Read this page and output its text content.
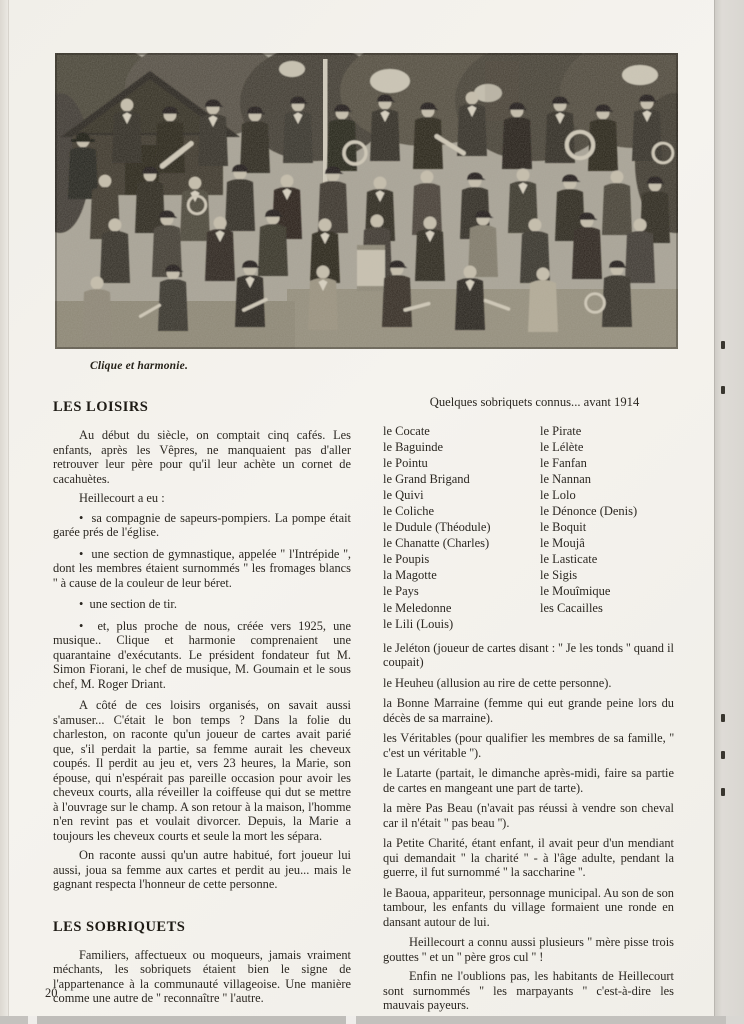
Clique et harmonie.
LES LOISIRS

Au début du siècle, on comptait cinq cafés. Les enfants, après les Vêpres, ne manquaient pas d'aller retrouver leur père pour qu'il leur achète un cornet de cacahuètes.

Heillecourt a eu :

•  sa compagnie de sapeurs-pompiers. La pompe était garée prés de l'église.
•  une section de gymnastique, appelée '' l'Intrépide '', dont les membres étaient surnommés '' les fromages blancs '' à cause de la couleur de leur béret.
•  une section de tir.
•  et, plus proche de nous, créée vers 1925, une musique.. Clique et harmonie comprenaient une quarantaine d'exécutants. Le président fondateur fut M. Simon Fiorani, le chef de musique, M. Goumain et le sous chef, M. Roger Driant.

A côté de ces loisirs organisés, on savait aussi s'amuser... C'était le bon temps ? Dans la folie du charleston, on raconte qu'un joueur de cartes avait parié que, s'il perdait la partie, sa femme aurait les cheveux coupés. Il perdit au jeu et, vers 23 heures, la Marie, son épouse, qui n'espérait pas pareille occasion pour avoir les cheveux courts, alla réveiller la coiffeuse qui dut se mettre à l'ouvrage sur le champ. A son retour à la maison, l'homme n'en revint pas et voulait divorcer. Depuis, la Marie a toujours les cheveux courts et seule la mort les sépara.

On raconte aussi qu'un autre habitué, fort joueur lui aussi, joua sa femme aux cartes et perdit au jeu... mais le gagnant respecta l'honneur de cette personne.

LES SOBRIQUETS

Familiers, affectueux ou moqueurs, jamais vraiment méchants, les sobriquets étaient bien le signe de l'appartenance à la communauté villageoise. Une manière comme une autre de '' reconnaître '' l'autre.

Quelques sobriquets connus... avant 1914
le Cocate
le Baguinde
le Pointu
le Grand Brigand
le Quivi
le Coliche
le Dudule (Théodule)
le Chanatte (Charles)
le Poupis
la Magotte
le Pays
le Meledonne
le Lili (Louis)
le Pirate
le Lélète
le Fanfan
le Nannan
le Lolo
le Dénonce (Denis)
le Boquit
le Moujâ
le Lasticate
le Sigis
le Mouîmique
les Cacailles
le Jeléton (joueur de cartes disant : '' Je les tonds '' quand il coupait)
le Heuheu (allusion au rire de cette personne).
la Bonne Marraine (femme qui eut grande peine lors du décès de sa marraine).
les Véritables (pour qualifier les membres de sa famille, '' c'est un véritable '').
le Latarte (partait, le dimanche après-midi, faire sa partie de cartes en mangeant une part de tarte).
la mère Pas Beau (n'avait pas réussi à vendre son cheval car il n'était '' pas beau '').
la Petite Charité, étant enfant, il avait peur d'un mendiant qui demandait '' la charité '' - à l'âge adulte, pendant la guerre, il fut surnommé '' la saccharine ''.
le Baoua, appariteur, personnage municipal. Au son de son tambour, les enfants du village formaient une ronde en dansant autour de lui.
Heillecourt a connu aussi plusieurs '' mère pisse trois gouttes '' et un '' père gros cul '' !
Enfin ne l'oublions pas, les habitants de Heillecourt sont surnommés '' les marpayants '' c'est-à-dire les mauvais payeurs.
20
